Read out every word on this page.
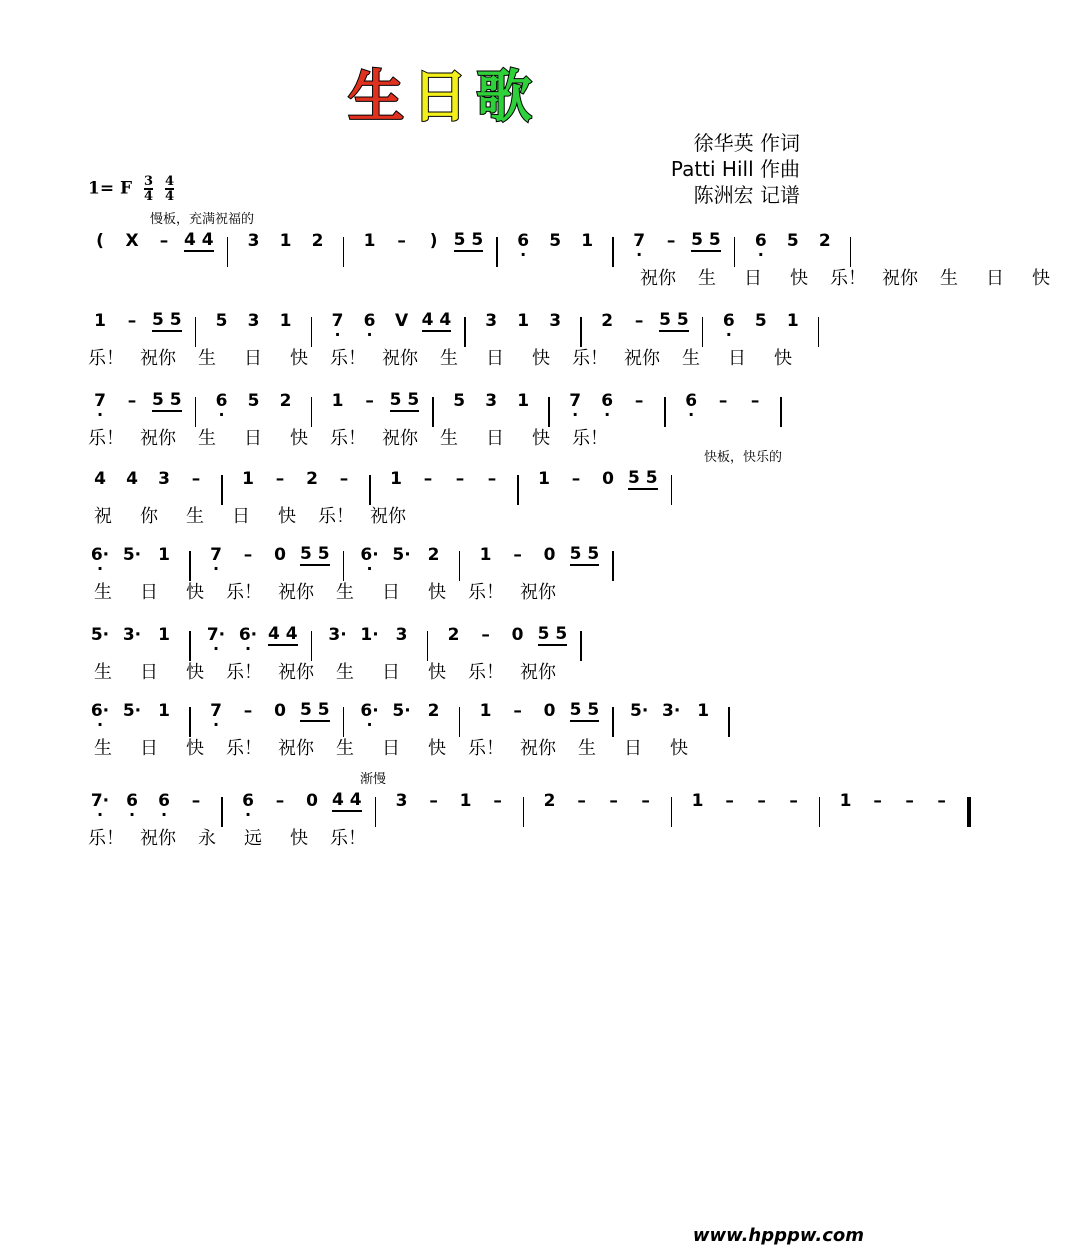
生日歌
徐华英 作词
Patti Hill 作曲
陈洲宏 记谱
1= F $\frac{3}{4}$
$\frac{4}{4}$
慢板，充满祝福的
快板，快乐的
渐慢
(	X	– 4 4	3	1	2	1	–	) 5 5	6 ·	5	1	7 ·	– 5 5	6 ·	5	2
祝你	生	日	快	乐！ 祝你	生	日	快
1	– 5 5	5	3	1	7 ·	6 ·	V 4 4	3	1	3	2	– 5 5	6 ·	5	1
乐！ 祝你	生	日	快	乐！ 祝你	生	日	快	乐！ 祝你	生	日	快
7 ·	– 5 5	6 ·	5	2	1	– 5 5	5	3	1	7 ·	6 ·	–	6 ·	–	–
乐！ 祝你	生	日	快	乐！ 祝你	生	日	快	乐！
4	4	3	–	1	–	2	–	1	–	–	–	1	–	0 5 5
祝	你	生	日	快	乐！ 祝你
6· · 5· 1	7 ·	–	0 5 5 6· · 5· 2	1	–	0 5 5
生	日	快	乐！ 祝你	生	日	快	乐！ 祝你
5· 3· 1	7· · 6· · 4 4 3· 1· 3	2	–	0 5 5
生	日	快	乐！ 祝你	生	日	快	乐！ 祝你
6· · 5· 1	7 ·	–	0 5 5 6· · 5· 2	1	–	0 5 5 5· 3· 1
生	日	快	乐！ 祝你	生	日	快	乐！ 祝你	生	日	快
7· · 6 ·	6 ·	–	6 ·	–	0 4 4	3	–	1	–	2	–	–	–	1	–	–	–	1	–	–	–
乐！ 祝你	永	远	快	乐！
www.hpppw.com
